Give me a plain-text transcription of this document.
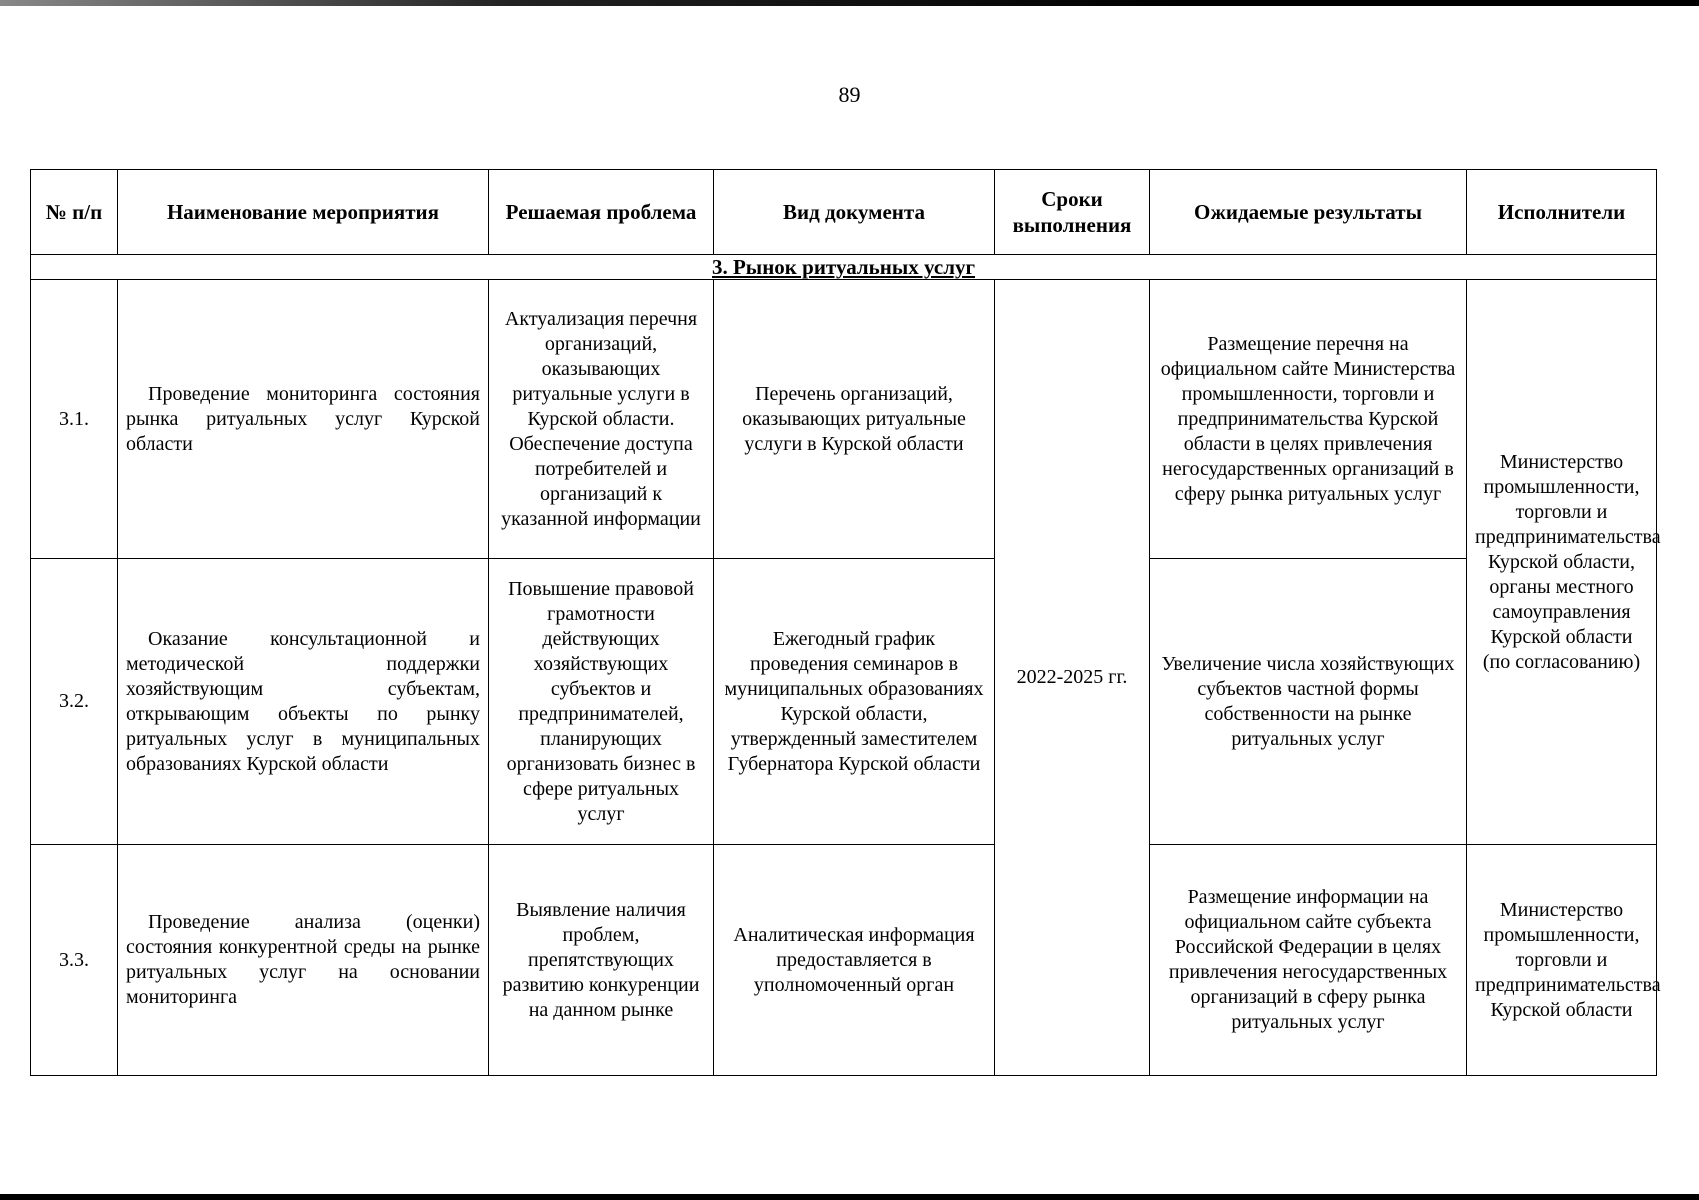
89
№ п/п	Наименование мероприятия	Решаемая проблема	Вид документа	Сроки выполнения	Ожидаемые результаты	Исполнители
3. Рынок ритуальных услуг						
3.1.	Проведение мониторинга состояния рынка ритуальных услуг Курской области	Актуализация перечня организаций, оказывающих ритуальные услуги в Курской области. Обеспечение доступа потребителей и организаций к указанной информации	Перечень организаций, оказывающих ритуальные услуги в Курской области	2022-2025 гг.	Размещение перечня на официальном сайте Министерства промышленности, торговли и предпринимательства Курской области в целях привлечения негосударственных организаций в сферу рынка ритуальных услуг	Министерство промышленности, торговли и предпринимательства Курской области, органы местного самоуправления Курской области (по согласованию)
3.2.	Оказание консультационной и методической поддержки хозяйствующим субъектам, открывающим объекты по рынку ритуальных услуг в муниципальных образованиях Курской области	Повышение правовой грамотности действующих хозяйствующих субъектов и предпринимателей, планирующих организовать бизнес в сфере ритуальных услуг	Ежегодный график проведения семинаров в муниципальных образованиях Курской области, утвержденный заместителем Губернатора Курской области		Увеличение числа хозяйствующих субъектов частной формы собственности на рынке ритуальных услуг	
3.3.	Проведение анализа (оценки) состояния конкурентной среды на рынке ритуальных услуг на основании мониторинга	Выявление наличия проблем, препятствующих развитию конкуренции на данном рынке	Аналитическая информация предоставляется в уполномоченный орган		Размещение информации на официальном сайте субъекта Российской Федерации в целях привлечения негосударственных организаций в сферу рынка ритуальных услуг	Министерство промышленности, торговли и предпринимательства Курской области
